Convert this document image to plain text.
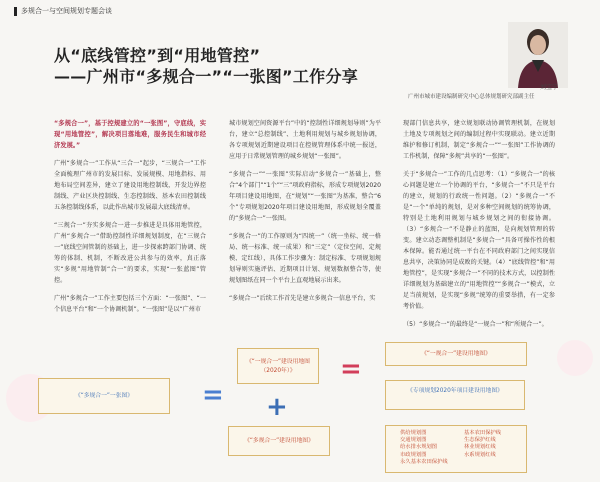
多规合一与空间规划专题会谈
从“底线管控”到“用地管控”
——广州市“多规合一”“一张图”工作分享
刘宝宁
广州市城市建设编制研究中心总体规划研究部副主任

“多规合一”，基于控规建立的“一张图”，守底线，实现“用地管控”，解决项目落地难，服务民生和城市经济发展。”

广州“多规合一”工作从“三合一”起步，“三规合一”工作全面梳理广州市的发展目标、发展规模、用地指标、用地布局空间差异，建立了建设用地控制线，开发边界控制线、产业区块控制线、生态控制线、基本农田控制线五条控制线体系，以此作出城市发展最大底线清单。

“三规合一”夯实多规合一进一步推进是具体用地管控，广州“多规合一”借助控制性详细规划制度，在“三规合一”底线空间管制的基础上，进一步探索跨部门协调、统筹的体制、机制，不断改进公共参与的效率，真正落实“多规”用地管制“合一”的要求，实现“一张蓝图”管控。

广州“多规合一”工作主要包括三个方面：“一张图”、“一个信息平台”和“一个协调机制”。“一张图”是以“广州市

城市规划空间资源平台”中的“控制性详细规划导则”为平台，建立“总控制线”、土地利用规划与城乡规划协调，各专项规划近期建设项目在控规管理体系中统一报送，应用于日常规划管理的城乡规划“一张图”。

“多规合一”“一张图”实际启动“多规合一”基础上，整合“4个部门”“1个”“三”项政府指标，形成专项规划2020年项目建设用地图，在“规划”“一张图”为基准，整合“6个”专项规划2020年项目建设用地图，形成规划全覆盖的“多规合一”一张图。

“多规合一”的工作原则为“四统一”（统一坐标、统一格局、统一标准、统一成果）和“三定”（定位空间、定规模、定红线），具体工作步骤为：制定标准、专项规划规划导则实施评估、近期项目计划、规划数据整合等，使规划图纸在同一个平台上直观地展示出来。

“多规合一”后续工作首先是建立多规合一信息平台，实

现部门信息共享，建立规划联动协调管理机制，在规划土地及专项规划之间的编制过程中实现联动。建立近期维护和修订机制，制定“多规合一”“一张图”工作协调的工作机制，保障“多规”共享的“一张图”。

关于“多规合一”工作的几点思考：（1）“多规合一”的核心问题是建立一个协调的平台，“多规合一”不只是平台的建立，规划的行政统一性问题。（2）“多规合一”不是“一个”单纯的规划，是对多种空间规划的统筹协调，特别是土地利用规划与城乡规划之间的衔接协调。（3）“多规合一”不是静止的蓝图，是向规划管理的转变。建立动态调整机制是“多规合一”具备可操作性的根本保障。能否通过统一平台在不同政府部门之间实现信息共享，决策协同是成败的关键。（4）“底线管控”和“用地管控”，是实现“多规合一”不同的技术方式，以控制性详细规划为基础建立的“用地管控”“多规合一”模式，立足当前规划，是实现“多规”统筹的重要举措，有一定参考价值。

（5）“多规合一”的最终是“一规合一”和“所规合一”。

《“多规合一”一张图》	=
《“一规合一”建设用地图（2020年）》
+
《“多规合一”建设用地图》
=	《“一规合一”建设用地图》
《专项规划2020年项目建设用地图》
供给规划图
交通规划图
给水排水规划图
市政规划图
永久基本农田保护线
基本农田保护线
生态保护红线
林业规划红线
水系规划红线
